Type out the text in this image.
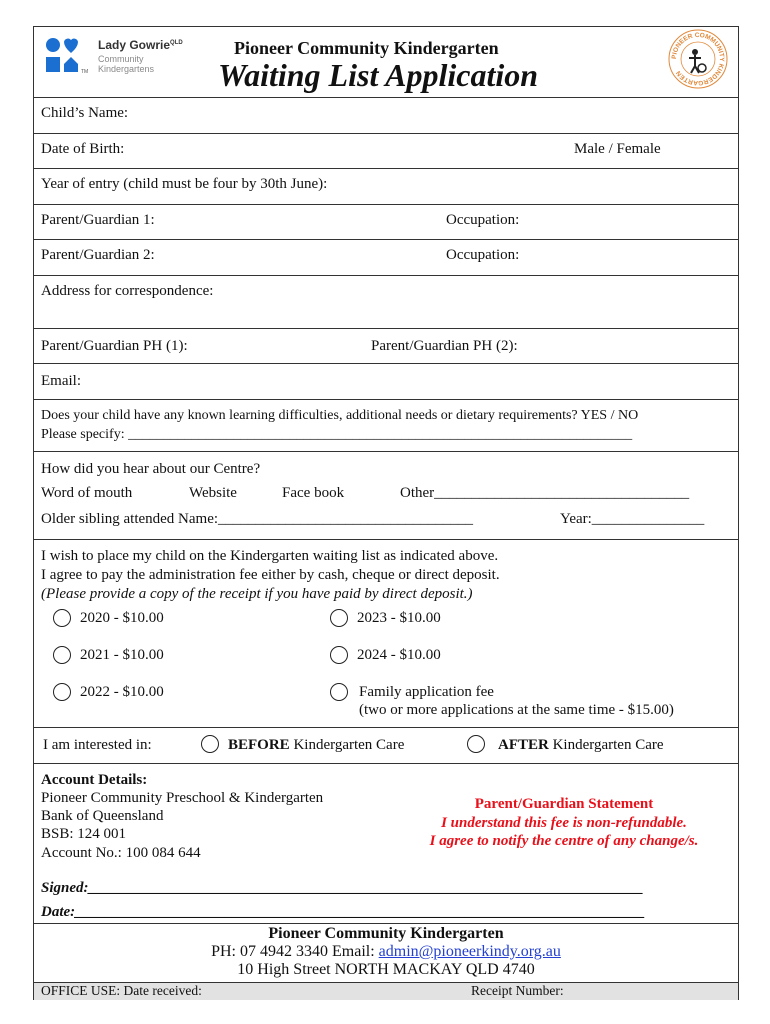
TM
Lady Gowrie$^{QLD}$
Community
Kindergartens
Pioneer Community Kindergarten
Waiting List Application
PIONEER COMMUNITY KINDERGARTEN
Child’s Name:
Date of Birth:	Male / Female
Year of entry (child must be four by 30th June):
Parent/Guardian 1:	Occupation:
Parent/Guardian 2:	Occupation:
Address for correspondence:
Parent/Guardian PH (1):	Parent/Guardian PH (2):
Email:
Does your child have any known learning difficulties, additional needs or dietary requirements? YES / NO
Please specify: ________________________________________________________________________
How did you hear about our Centre?
Word of mouth	Website	Face book	Other__________________________________
Older sibling attended Name:__________________________________	Year:_______________
I wish to place my child on the Kindergarten waiting list as indicated above.
I agree to pay the administration fee either by cash, cheque or direct deposit.
(Please provide a copy of the receipt if you have paid by direct deposit.)
2020 - $10.00
2021 - $10.00
2022 - $10.00
2023 - $10.00
2024 - $10.00
Family application fee
(two or more applications at the same time - $15.00)
I am interested in:	BEFORE Kindergarten Care	AFTER Kindergarten Care
Account Details:
Pioneer Community Preschool & Kindergarten
Bank of Queensland
BSB: 124 001
Account No.: 100 084 644
Parent/Guardian Statement
I understand this fee is non-refundable.
I agree to notify the centre of any change/s.
Signed:__________________________________________________________________________
Date:____________________________________________________________________________
Pioneer Community Kindergarten
PH: 07 4942 3340 Email: admin@pioneerkindy.org.au
10 High Street NORTH MACKAY QLD 4740
OFFICE USE: Date received:	Receipt Number:
